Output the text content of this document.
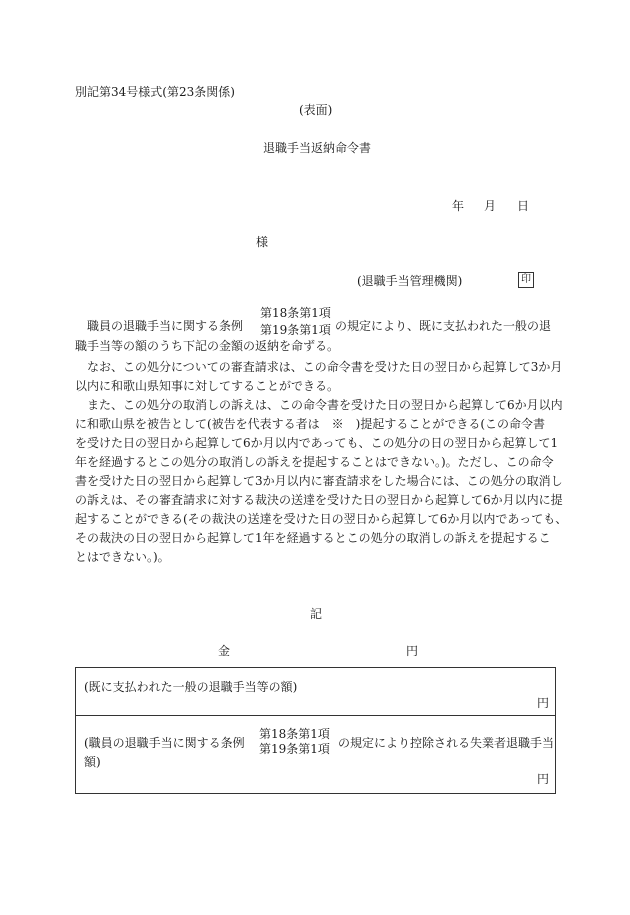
別記第34号様式(第23条関係)
(表面)
退職手当返納命令書
年 月 日
様
(退職手当管理機関)	印
職員の退職手当に関する条例
第18条第1項
第19条第1項 の規定により、既に支払われた一般の退
職手当等の額のうち下記の金額の返納を命ずる。
なお、この処分についての審査請求は、この命令書を受けた日の翌日から起算して3か月
以内に和歌山県知事に対してすることができる。
また、この処分の取消しの訴えは、この命令書を受けた日の翌日から起算して6か月以内
に和歌山県を被告として(被告を代表する者は　※　)提起することができる(この命令書
を受けた日の翌日から起算して6か月以内であっても、この処分の日の翌日から起算して1
年を経過するとこの処分の取消しの訴えを提起することはできない。)。ただし、この命令
書を受けた日の翌日から起算して3か月以内に審査請求をした場合には、この処分の取消し
の訴えは、その審査請求に対する裁決の送達を受けた日の翌日から起算して6か月以内に提
起することができる(その裁決の送達を受けた日の翌日から起算して6か月以内であっても、
その裁決の日の翌日から起算して1年を経過するとこの処分の取消しの訴えを提起するこ
とはできない。)。
記
金	円
(既に支払われた一般の退職手当等の額)
円
(職員の退職手当に関する条例
第18条第1項
第19条第1項 の規定により控除される失業者退職手当
額)
円
